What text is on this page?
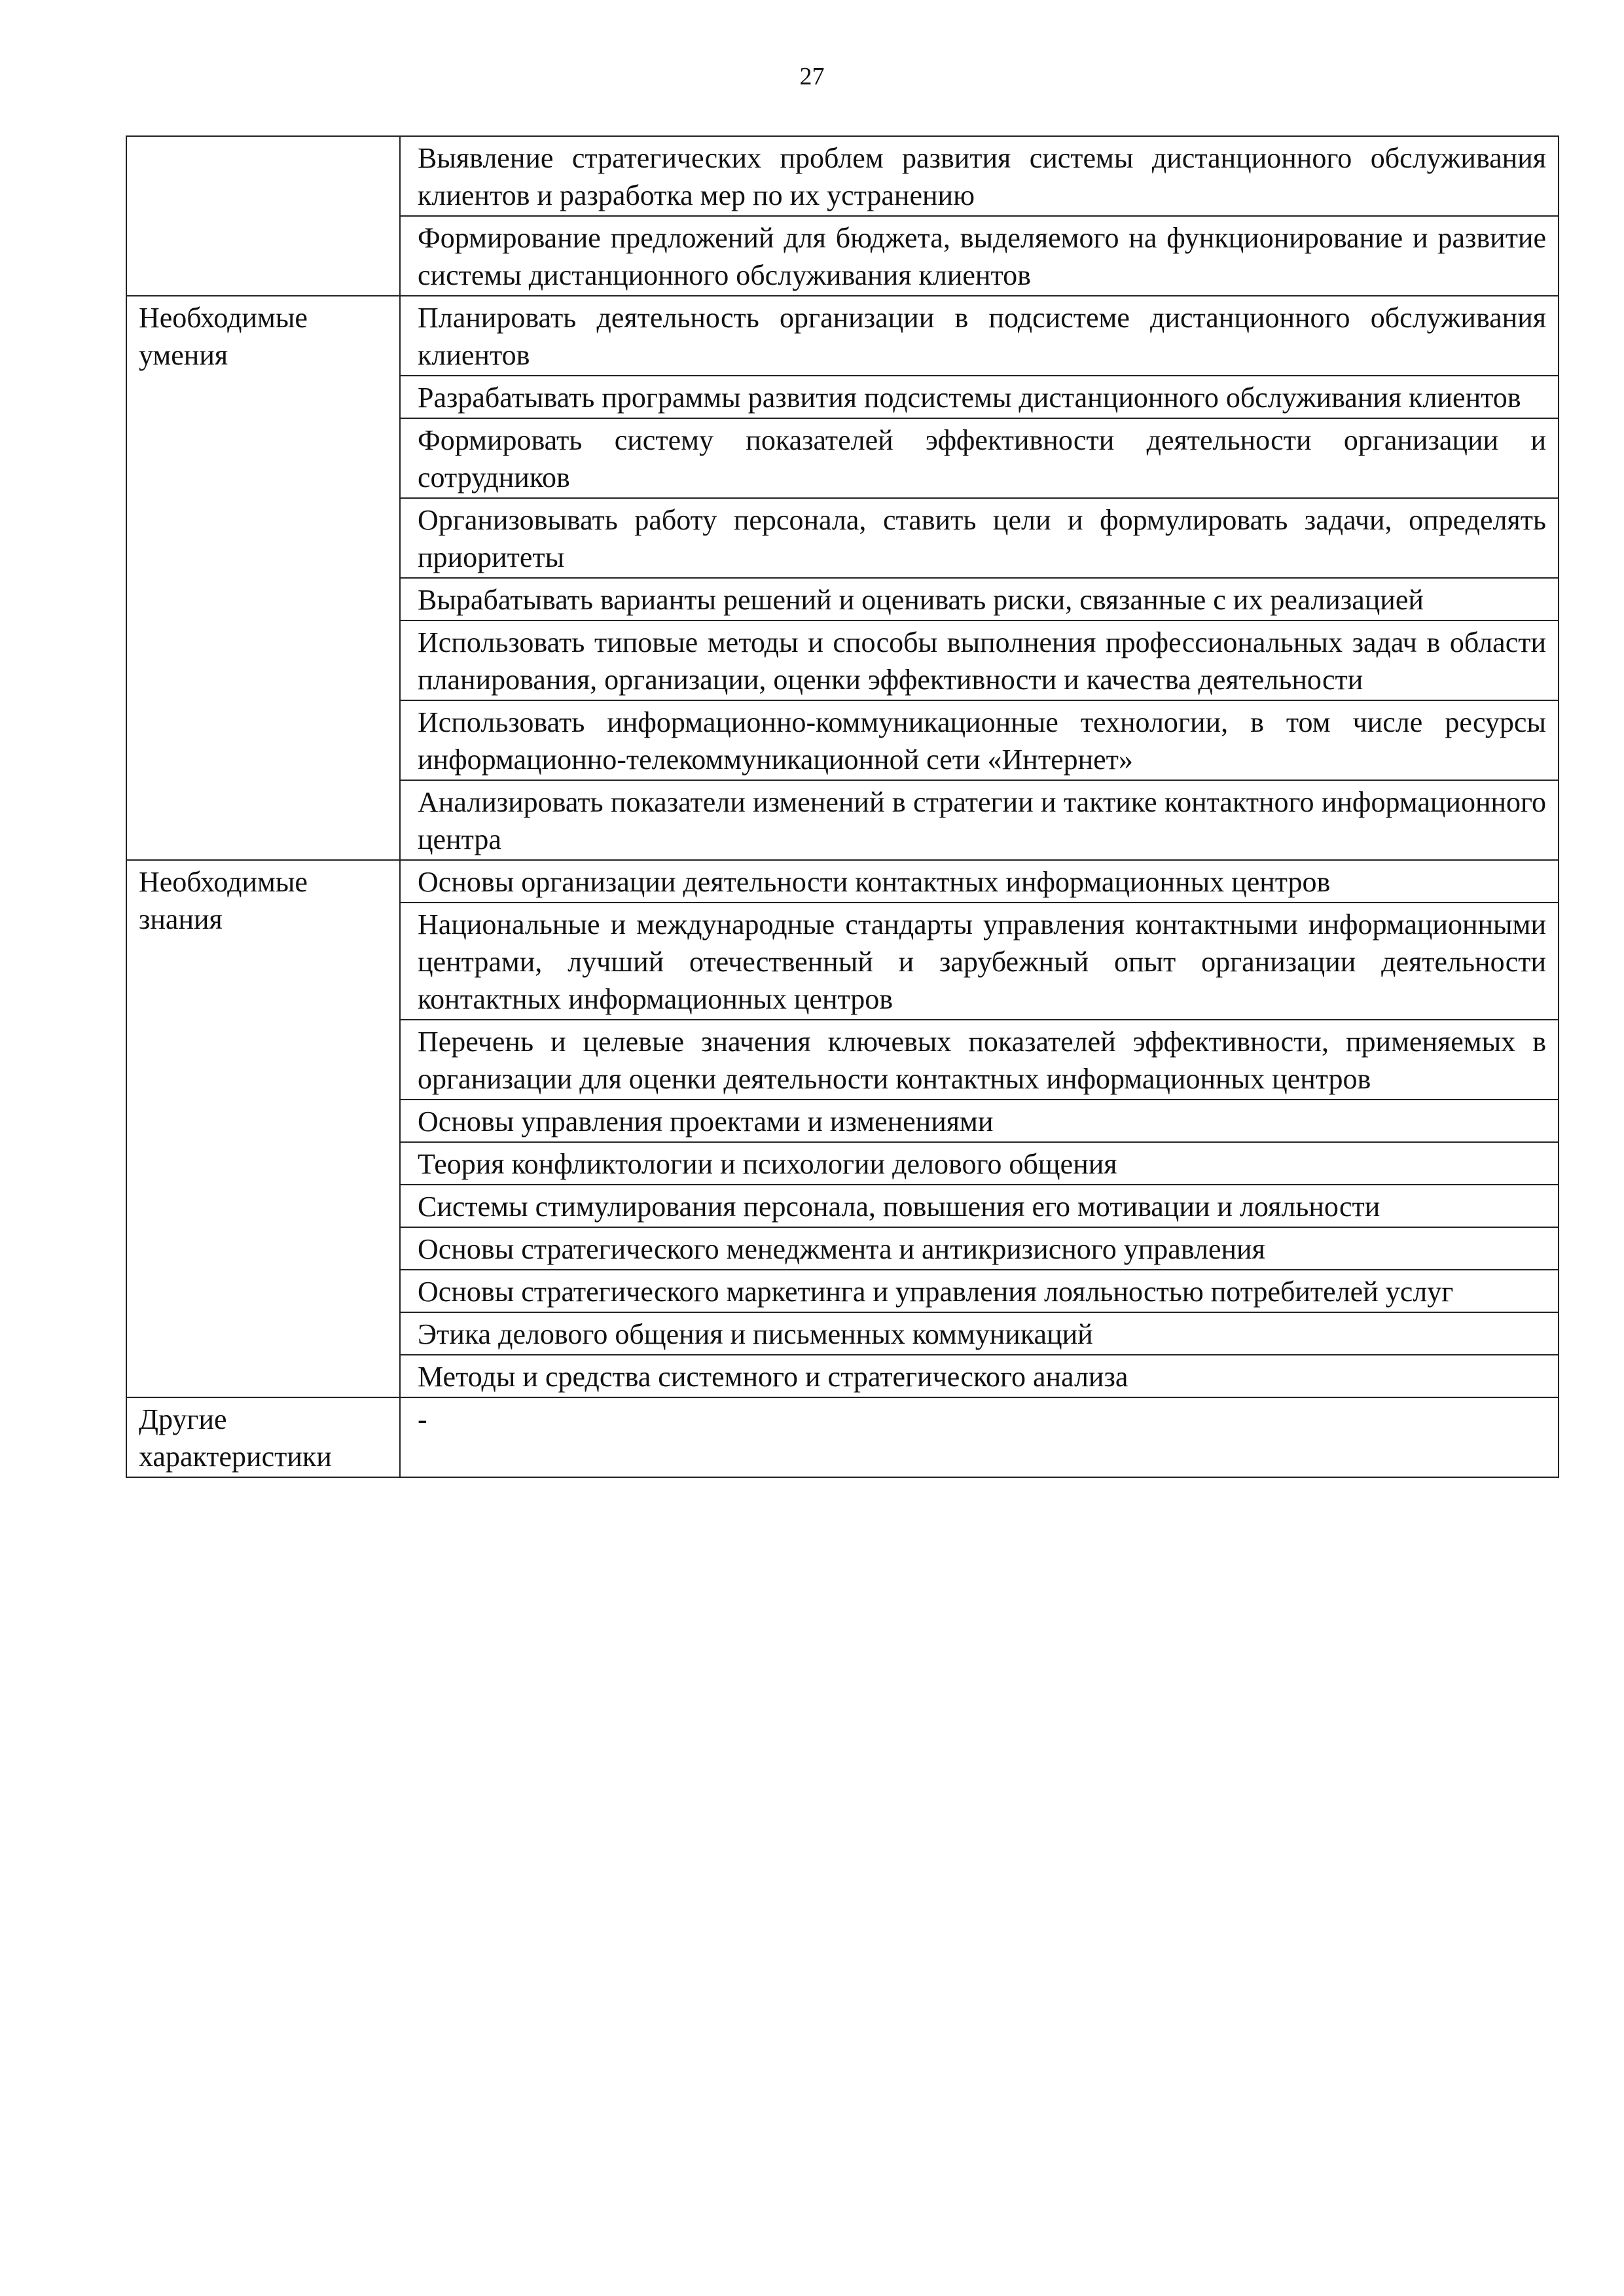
27
	Выявление стратегических проблем развития системы дистанционного обслуживания клиентов и разработка мер по их устранению
	Формирование предложений для бюджета, выделяемого на функционирование и развитие системы дистанционного обслуживания клиентов
Необходимые умения	Планировать деятельность организации в подсистеме дистанционного обслуживания клиентов
	Разрабатывать программы развития подсистемы дистанционного обслуживания клиентов
	Формировать систему показателей эффективности деятельности организации и сотрудников
	Организовывать работу персонала, ставить цели и формулировать задачи, определять приоритеты
	Вырабатывать варианты решений и оценивать риски, связанные с их реализацией
	Использовать типовые методы и способы выполнения профессиональных задач в области планирования, организации, оценки эффективности и качества деятельности
	Использовать информационно-коммуникационные технологии, в том числе ресурсы информационно-телекоммуникационной сети «Интернет»
	Анализировать показатели изменений в стратегии и тактике контактного информационного центра
Необходимые знания	Основы организации деятельности контактных информационных центров
	Национальные и международные стандарты управления контактными информационными центрами, лучший отечественный и зарубежный опыт организации деятельности контактных информационных центров
	Перечень и целевые значения ключевых показателей эффективности, применяемых в организации для оценки деятельности контактных информационных центров
	Основы управления проектами и изменениями
	Теория конфликтологии и психологии делового общения
	Системы стимулирования персонала, повышения его мотивации и лояльности
	Основы стратегического менеджмента и антикризисного управления
	Основы стратегического маркетинга и управления лояльностью потребителей услуг
	Этика делового общения и письменных коммуникаций
	Методы и средства системного и стратегического анализа
Другие характеристики	-
